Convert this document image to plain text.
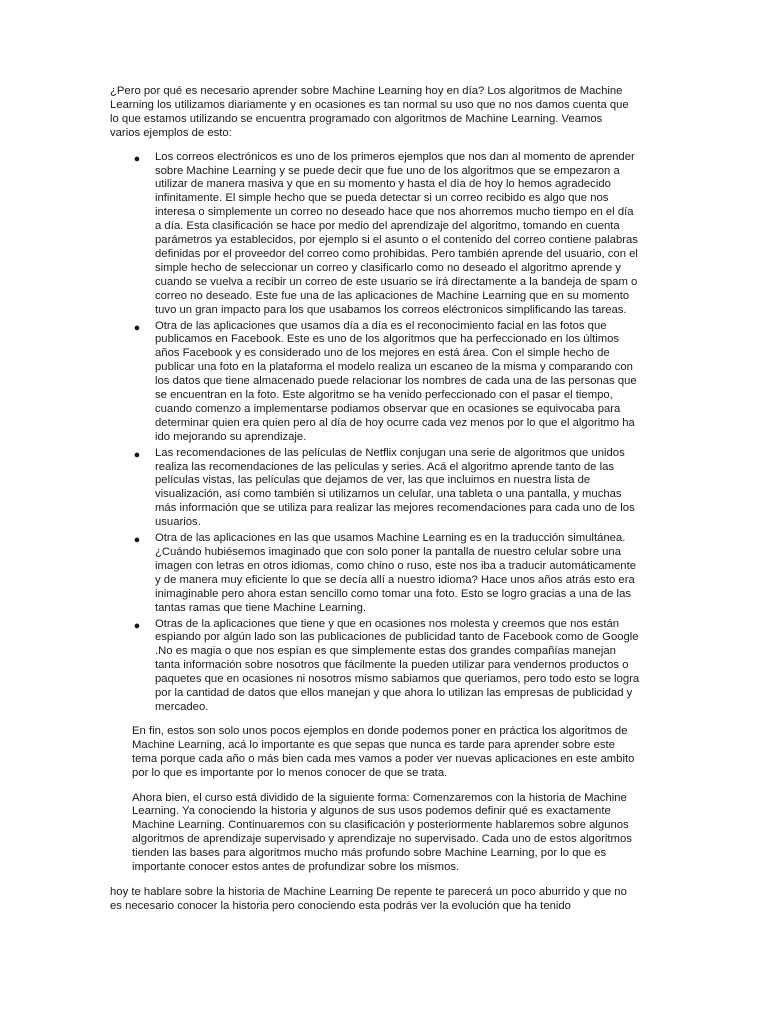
¿Pero por qué es necesario aprender sobre Machine Learning hoy en día? Los algoritmos de Machine Learning los utilizamos diariamente y en ocasiones es tan normal su uso que no nos damos cuenta que lo que estamos utilizando se encuentra programado con algoritmos de Machine Learning. Veamos varios ejemplos de esto:

● Los correos electrónicos es uno de los primeros ejemplos que nos dan al momento de aprender sobre Machine Learning y se puede decir que fue uno de los algoritmos que se empezaron a utilizar de manera masiva y que en su momento y hasta el día de hoy lo hemos agradecido infinitamente. El simple hecho que se pueda detectar si un correo recibido es algo que nos interesa o simplemente un correo no deseado hace que nos ahorremos mucho tiempo en el día a día. Esta clasificación se hace por medio del aprendizaje del algoritmo, tomando en cuenta parámetros ya establecidos, por ejemplo si el asunto o el contenido del correo contiene palabras definidas por el proveedor del correo como prohibidas. Pero también aprende del usuario, con el simple hecho de seleccionar un correo y clasificarlo como no deseado el algoritmo aprende y cuando se vuelva a recibir un correo de este usuario se irá directamente a la bandeja de spam o correo no deseado. Este fue una de las aplicaciones de Machine Learning que en su momento tuvo un gran impacto para los que usabamos los correos eléctronicos simplificando las tareas.
● Otra de las aplicaciones que usamos día a día es el reconocimiento facial en las fotos que publicamos en Facebook. Este es uno de los algoritmos que ha perfeccionado en los últimos años Facebook y es considerado uno de los mejores en está área. Con el simple hecho de publicar una foto en la plataforma el modelo realiza un escaneo de la misma y comparando con los datos que tiene almacenado puede relacionar los nombres de cada una de las personas que se encuentran en la foto. Este algoritmo se ha venido perfeccionado con el pasar el tiempo, cuando comenzo a implementarse podiamos observar que en ocasiones se equivocaba para determinar quien era quien pero al día de hoy ocurre cada vez menos por lo que el algoritmo ha ido mejorando su aprendizaje.
● Las recomendaciones de las películas de Netflix conjugan una serie de algoritmos que unidos realiza las recomendaciones de las películas y series. Acá el algoritmo aprende tanto de las películas vistas, las películas que dejamos de ver, las que incluimos en nuestra lista de visualización, así como también si utilizamos un celular, una tableta o una pantalla, y muchas más información que se utiliza para realizar las mejores recomendaciones para cada uno de los usuarios.
● Otra de las aplicaciones en las que usamos Machine Learning es en la traducción simultánea. ¿Cuándo hubiésemos imaginado que con solo poner la pantalla de nuestro celular sobre una imagen con letras en otros idiomas, como chino o ruso, este nos iba a traducir automáticamente y de manera muy eficiente lo que se decía allí a nuestro idioma? Hace unos años atrás esto era inimaginable pero ahora estan sencillo como tomar una foto. Esto se logro gracias a una de las tantas ramas que tiene Machine Learning.
● Otras de la aplicaciones que tiene y que en ocasiones nos molesta y creemos que nos están espiando por algún lado son las publicaciones de publicidad tanto de Facebook como de Google .No es magia o que nos espían es que simplemente estas dos grandes compañías manejan tanta información sobre nosotros que fácilmente la pueden utilizar para vendernos productos o paquetes que en ocasiones ni nosotros mismo sabiamos que queriamos, pero todo esto se logra por la cantidad de datos que ellos manejan y que ahora lo utilizan las empresas de publicidad y mercadeo.

En fin, estos son solo unos pocos ejemplos en donde podemos poner en práctica los algoritmos de Machine Learning, acá lo importante es que sepas que nunca es tarde para aprender sobre este tema porque cada año o más bien cada mes vamos a poder ver nuevas aplicaciones en este ambito por lo que es importante por lo menos conocer de que se trata.

Ahora bien, el curso está dividido de la siguiente forma: Comenzaremos con la historia de Machine Learning. Ya conociendo la historia y algunos de sus usos podemos definir qué es exactamente Machine Learning. Continuaremos con su clasificación y posteriormente hablaremos sobre algunos algoritmos de aprendizaje supervisado y aprendizaje no supervisado. Cada uno de estos algoritmos tienden las bases para algoritmos mucho más profundo sobre Machine Learning, por lo que es importante conocer estos antes de profundizar sobre los mismos.

hoy te hablare sobre la historia de Machine Learning De repente te parecerá un poco aburrido y que no es necesario conocer la historia pero conociendo esta podrás ver la evolución que ha tenido
